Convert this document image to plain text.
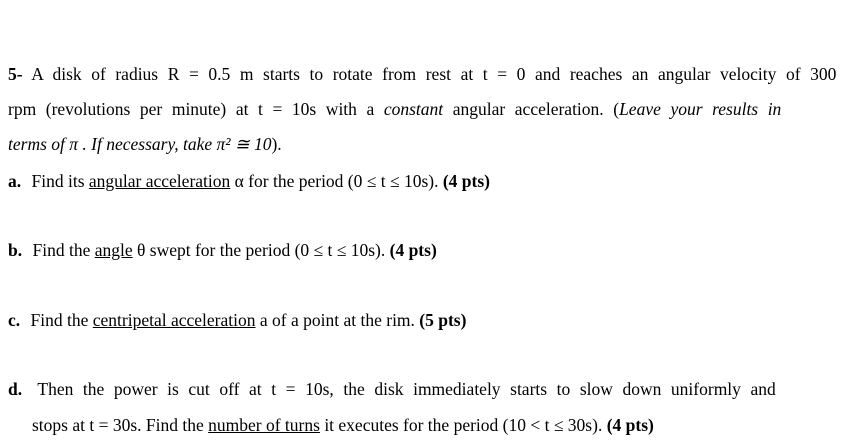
5- A disk of radius R = 0.5 m starts to rotate from rest at t = 0 and reaches an angular velocity of 300
rpm (revolutions per minute) at t = 10s with a constant angular acceleration. (Leave your results in
terms of π . If necessary, take π² ≅ 10).
a. Find its angular acceleration α for the period (0 ≤ t ≤ 10s). (4 pts)
b. Find the angle θ swept for the period (0 ≤ t ≤ 10s). (4 pts)
c. Find the centripetal acceleration a of a point at the rim. (5 pts)
d. Then the power is cut off at t = 10s, the disk immediately starts to slow down uniformly and
stops at t = 30s. Find the number of turns it executes for the period (10 < t ≤ 30s). (4 pts)
